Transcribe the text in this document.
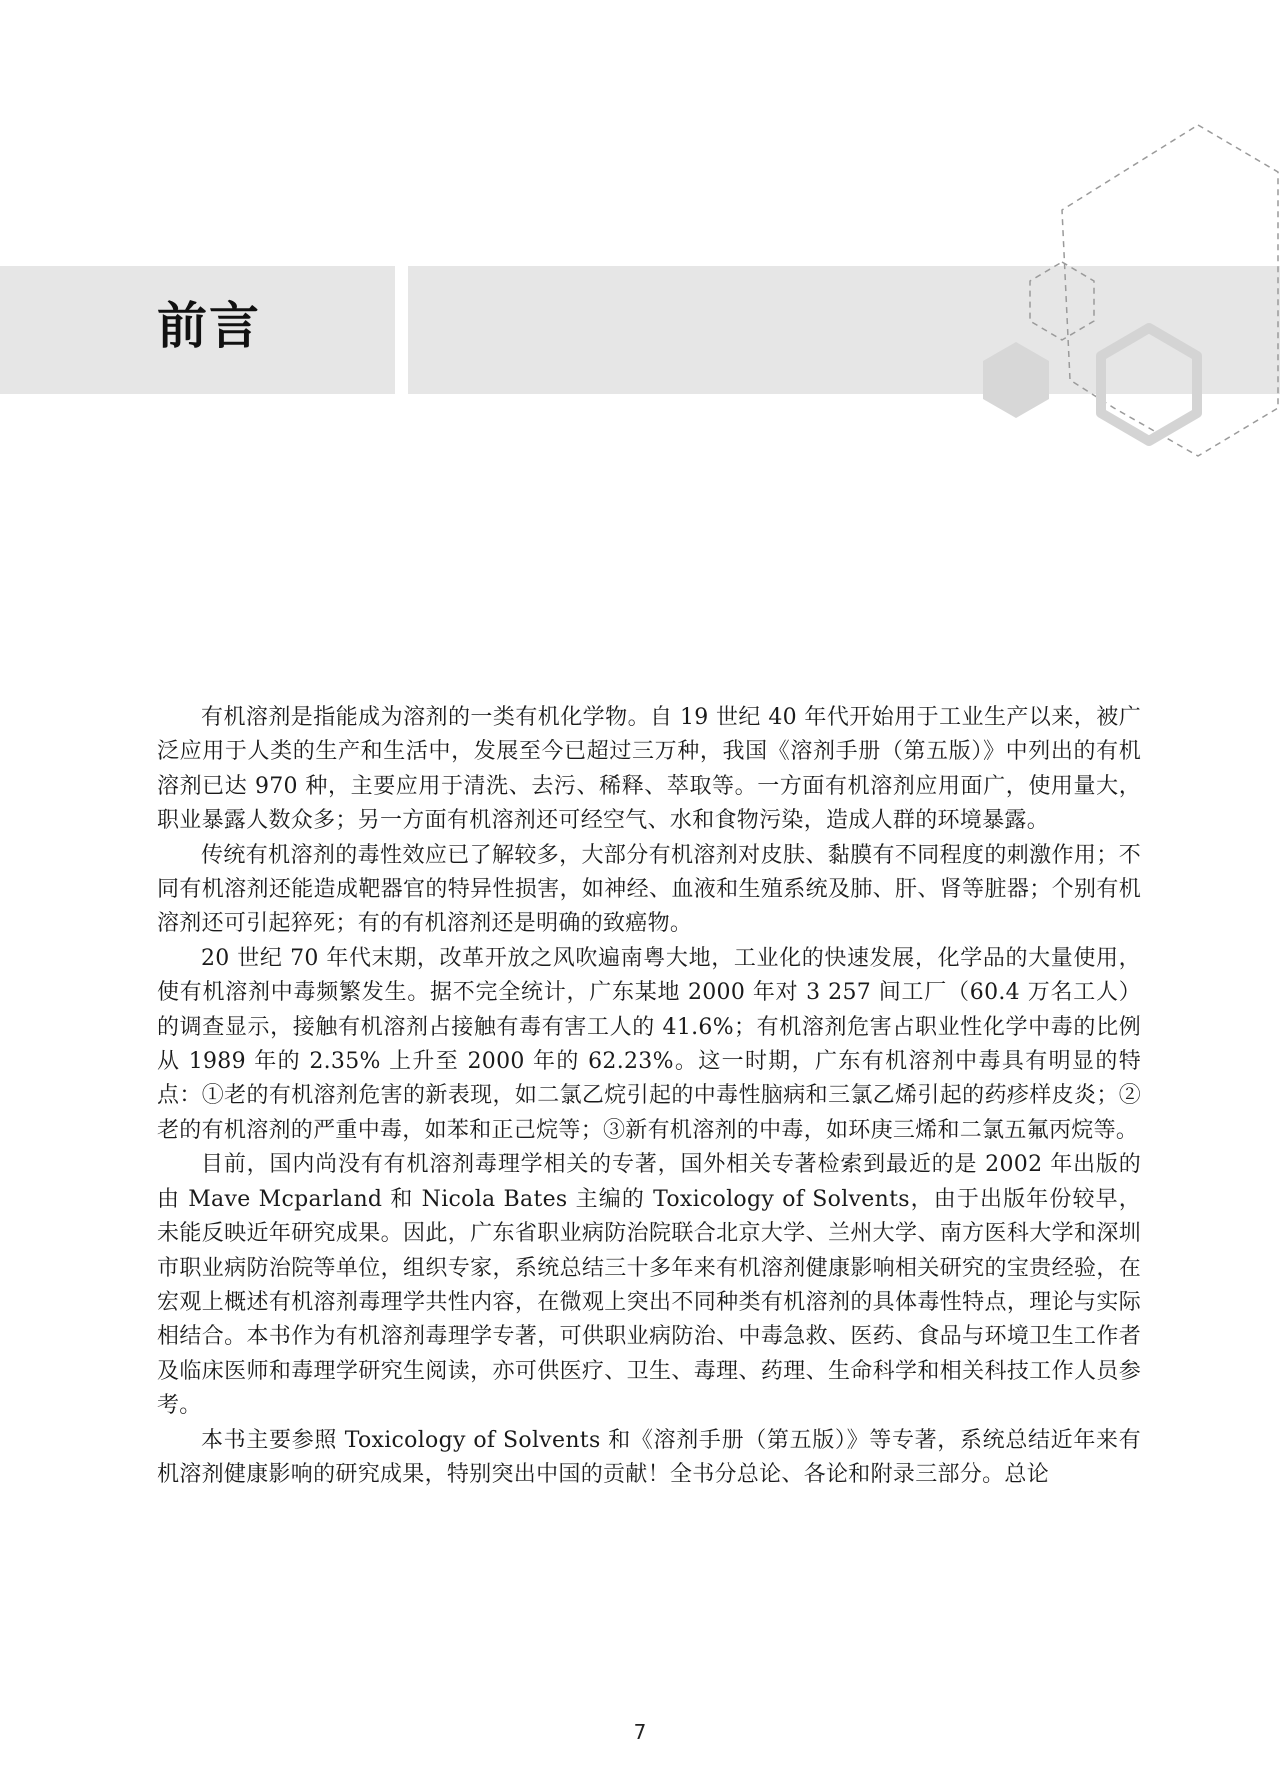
前言

有机溶剂是指能成为溶剂的一类有机化学物。自 19 世纪 40 年代开始用于工业生产以来，被广泛应用于人类的生产和生活中，发展至今已超过三万种，我国《溶剂手册（第五版）》中列出的有机溶剂已达 970 种，主要应用于清洗、去污、稀释、萃取等。一方面有机溶剂应用面广，使用量大，职业暴露人数众多；另一方面有机溶剂还可经空气、水和食物污染，造成人群的环境暴露。

传统有机溶剂的毒性效应已了解较多，大部分有机溶剂对皮肤、黏膜有不同程度的刺激作用；不同有机溶剂还能造成靶器官的特异性损害，如神经、血液和生殖系统及肺、肝、肾等脏器；个别有机溶剂还可引起猝死；有的有机溶剂还是明确的致癌物。

20 世纪 70 年代末期，改革开放之风吹遍南粤大地，工业化的快速发展，化学品的大量使用，使有机溶剂中毒频繁发生。据不完全统计，广东某地 2000 年对 3 257 间工厂（60.4 万名工人）的调查显示，接触有机溶剂占接触有毒有害工人的 41.6%；有机溶剂危害占职业性化学中毒的比例从 1989 年的 2.35% 上升至 2000 年的 62.23%。这一时期，广东有机溶剂中毒具有明显的特点：①老的有机溶剂危害的新表现，如二氯乙烷引起的中毒性脑病和三氯乙烯引起的药疹样皮炎；②老的有机溶剂的严重中毒，如苯和正己烷等；③新有机溶剂的中毒，如环庚三烯和二氯五氟丙烷等。

目前，国内尚没有有机溶剂毒理学相关的专著，国外相关专著检索到最近的是 2002 年出版的由 Mave Mcparland 和 Nicola Bates 主编的 Toxicology of Solvents，由于出版年份较早，未能反映近年研究成果。因此，广东省职业病防治院联合北京大学、兰州大学、南方医科大学和深圳市职业病防治院等单位，组织专家，系统总结三十多年来有机溶剂健康影响相关研究的宝贵经验，在宏观上概述有机溶剂毒理学共性内容，在微观上突出不同种类有机溶剂的具体毒性特点，理论与实际相结合。本书作为有机溶剂毒理学专著，可供职业病防治、中毒急救、医药、食品与环境卫生工作者及临床医师和毒理学研究生阅读，亦可供医疗、卫生、毒理、药理、生命科学和相关科技工作人员参考。

本书主要参照 Toxicology of Solvents 和《溶剂手册（第五版）》等专著，系统总结近年来有机溶剂健康影响的研究成果，特别突出中国的贡献！全书分总论、各论和附录三部分。总论

7
